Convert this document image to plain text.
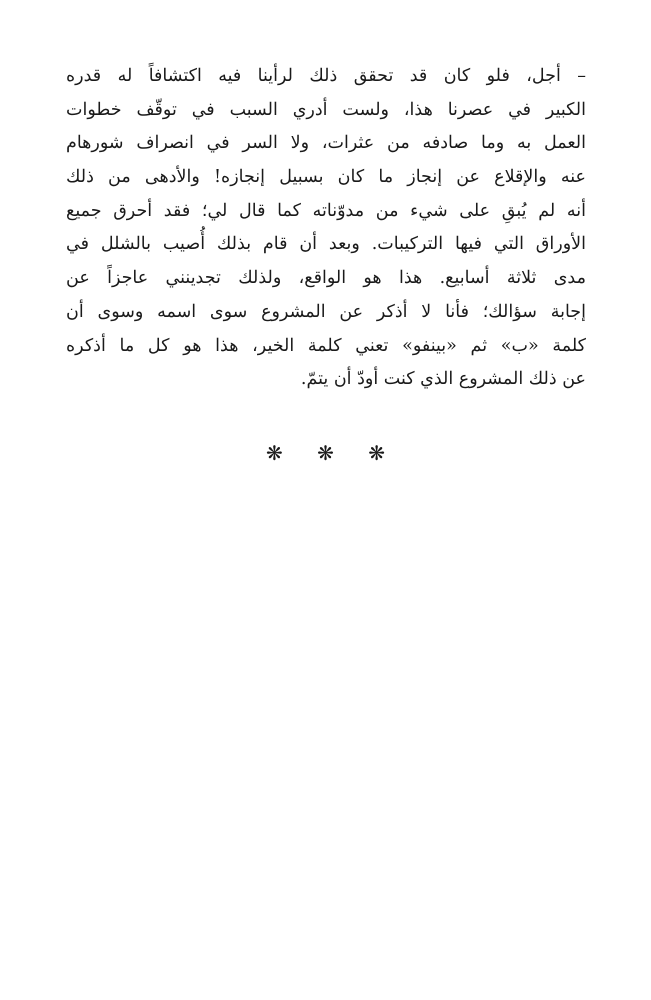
– أجل، فلو كان قد تحقق ذلك لرأينا فيه اكتشافاً له قدره
الكبير في عصرنا هذا، ولست أدري السبب في توقّف خطوات
العمل به وما صادفه من عثرات، ولا السر في انصراف شورهام
عنه والإقلاع عن إنجاز ما كان بسبيل إنجازه! والأدهى من ذلك
أنه لم يُبقِ على شيء من مدوّناته كما قال لي؛ فقد أحرق جميع
الأوراق التي فيها التركيبات. وبعد أن قام بذلك أُصيب بالشلل في
مدى ثلاثة أسابيع. هذا هو الواقع، ولذلك تجدينني عاجزاً عن
إجابة سؤالك؛ فأنا لا أذكر عن المشروع سوى اسمه وسوى أن
كلمة «ب» ثم «بينفو» تعني كلمة الخير، هذا هو كل ما أذكره
عن ذلك المشروع الذي كنت أودّ أن يتمّ.
❋ ❋ ❋
